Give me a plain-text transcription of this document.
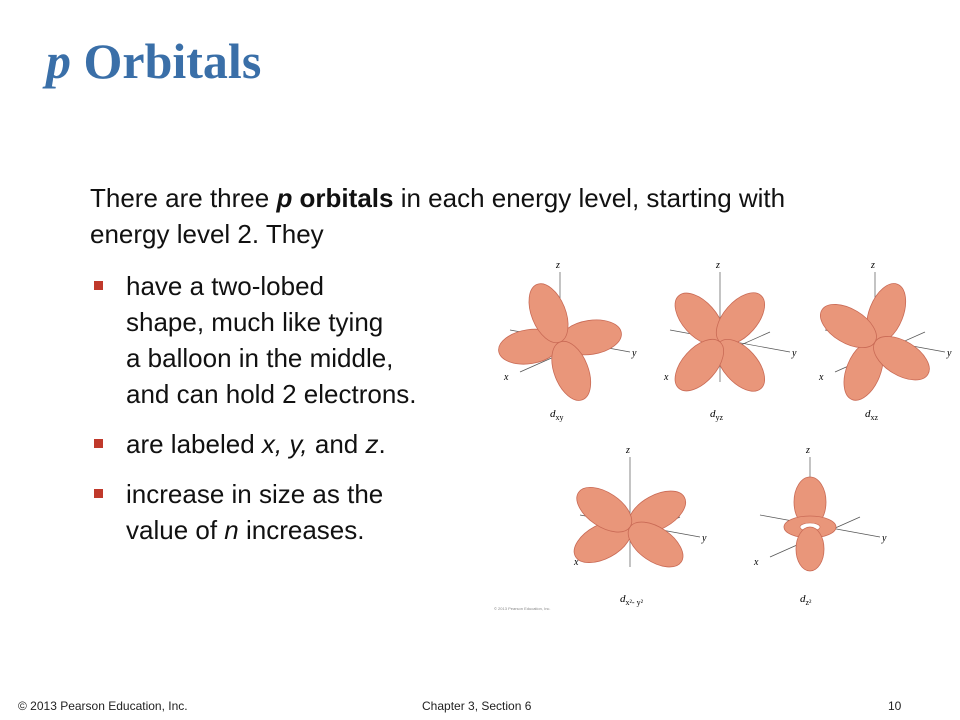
p Orbitals
There are three p orbitals in each energy level, starting with energy level 2. They
have a two-lobed
shape, much like tying
a balloon in the middle,
and can hold 2 electrons.
are labeled x, y, and z.
increase in size as the
value of n increases.
z
x
y
$d_{xy}$
z
x
y
$d_{yz}$
z
x
y
$d_{xz}$
z
x
y
$d_{x^2- y^2}$
z
x
y
$d_{z^2}$
© 2013 Pearson Education, Inc.
© 2013 Pearson Education, Inc.	Chapter 3, Section 6	10
